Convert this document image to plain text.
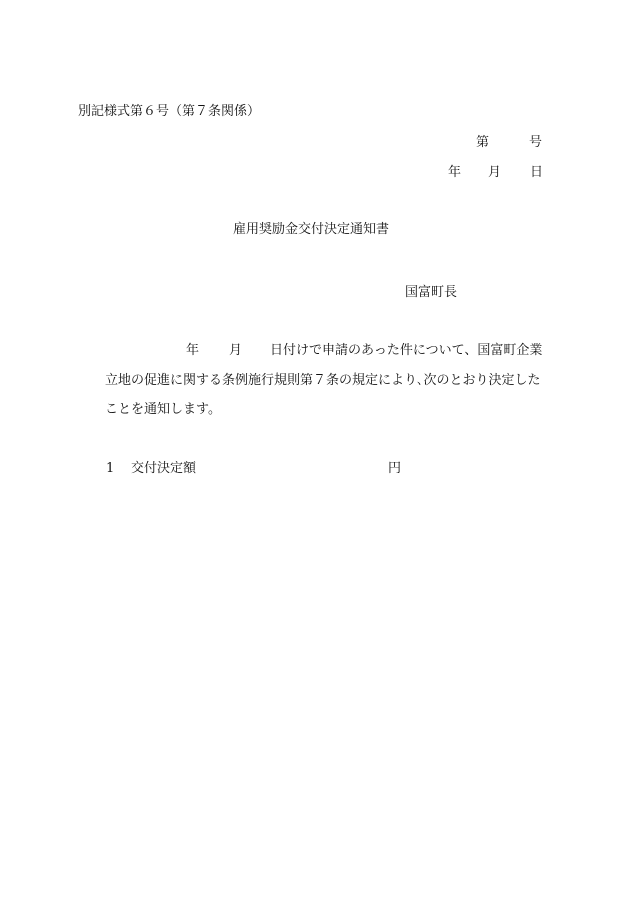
別記様式第６号（第７条関係）
第	号
年 月 日
雇用奨励金交付決定通知書
国富町長
年 月 日付けで申請のあった件について、国富町企業
立地の促進に関する条例施行規則第７条の規定により､次のとおり決定した
ことを通知します。
1 交付決定額	円
